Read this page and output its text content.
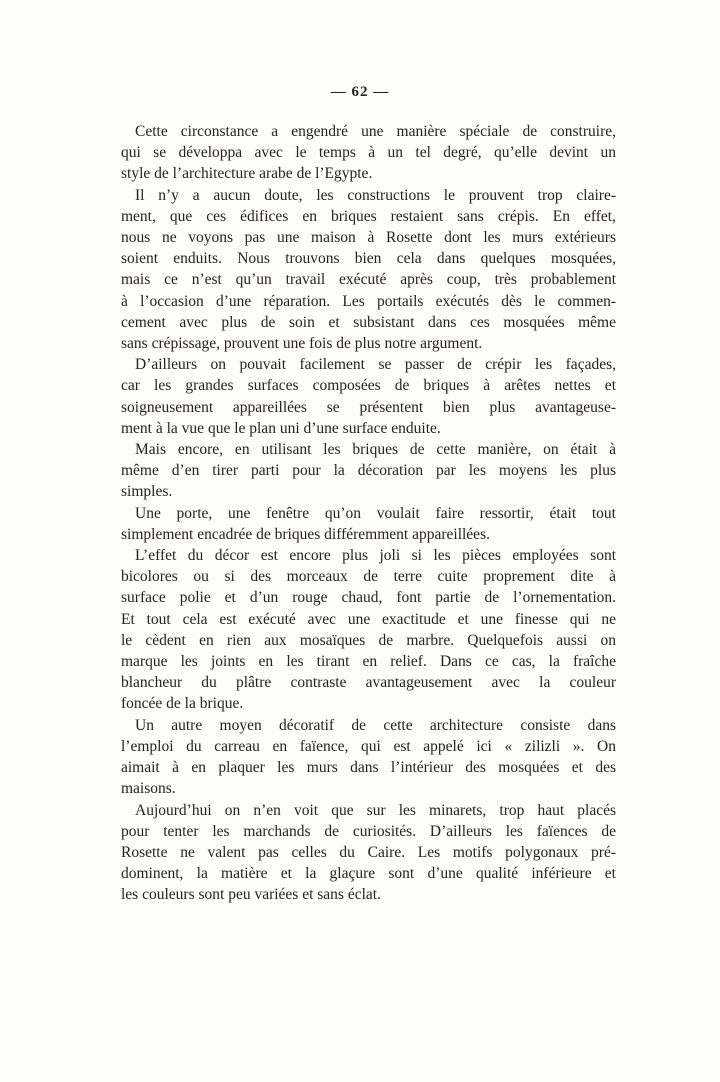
— 62 —
Cette circonstance a engendré une manière spéciale de construire,
qui se développa avec le temps à un tel degré, qu’elle devint un
style de l’architecture arabe de l’Egypte.
Il n’y a aucun doute, les constructions le prouvent trop claire-
ment, que ces édifices en briques restaient sans crépis. En effet,
nous ne voyons pas une maison à Rosette dont les murs extérieurs
soient enduits. Nous trouvons bien cela dans quelques mosquées,
mais ce n’est qu’un travail exécuté après coup, très probablement
à l’occasion d’une réparation. Les portails exécutés dès le commen-
cement avec plus de soin et subsistant dans ces mosquées même
sans crépissage, prouvent une fois de plus notre argument.
D’ailleurs on pouvait facilement se passer de crépir les façades,
car les grandes surfaces composées de briques à arêtes nettes et
soigneusement appareillées se présentent bien plus avantageuse-
ment à la vue que le plan uni d’une surface enduite.
Mais encore, en utilisant les briques de cette manière, on était à
même d’en tirer parti pour la décoration par les moyens les plus
simples.
Une porte, une fenêtre qu’on voulait faire ressortir, était tout
simplement encadrée de briques différemment appareillées.
L’effet du décor est encore plus joli si les pièces employées sont
bicolores ou si des morceaux de terre cuite proprement dite à
surface polie et d’un rouge chaud, font partie de l’ornementation.
Et tout cela est exécuté avec une exactitude et une finesse qui ne
le cèdent en rien aux mosaïques de marbre. Quelquefois aussi on
marque les joints en les tirant en relief. Dans ce cas, la fraîche
blancheur du plâtre contraste avantageusement avec la couleur
foncée de la brique.
Un autre moyen décoratif de cette architecture consiste dans
l’emploi du carreau en faïence, qui est appelé ici « zilizli ». On
aimait à en plaquer les murs dans l’intérieur des mosquées et des
maisons.
Aujourd’hui on n’en voit que sur les minarets, trop haut placés
pour tenter les marchands de curiosités. D’ailleurs les faïences de
Rosette ne valent pas celles du Caire. Les motifs polygonaux pré-
dominent, la matière et la glaçure sont d’une qualité inférieure et
les couleurs sont peu variées et sans éclat.
